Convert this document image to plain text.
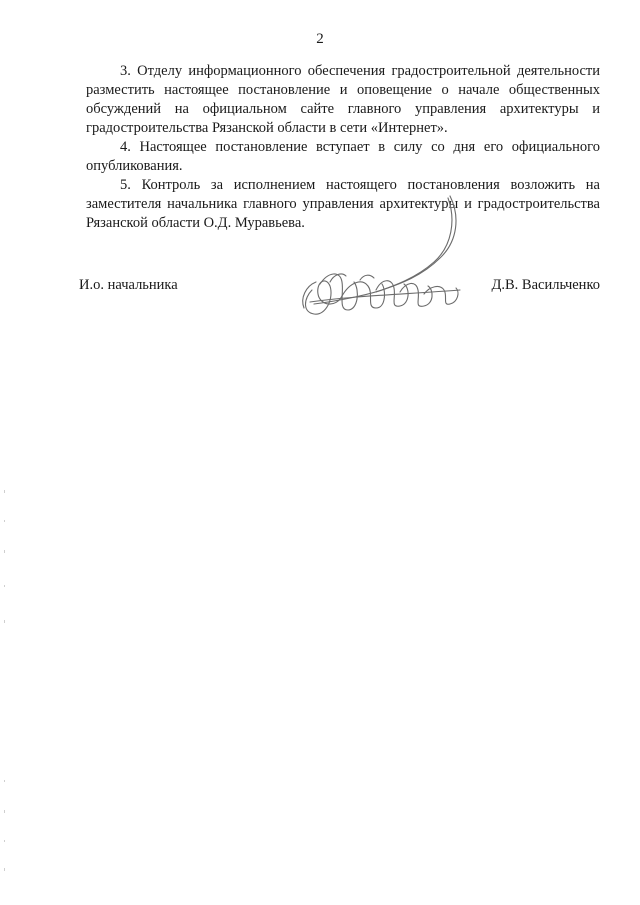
2

3. Отделу информационного обеспечения градостроительной деятельности разместить настоящее постановление и оповещение о начале общественных обсуждений на официальном сайте главного управления архитектуры и градостроительства Рязанской области в сети «Интернет».

4. Настоящее постановление вступает в силу со дня его официального опубликования.

5. Контроль за исполнением настоящего постановления возложить на заместителя начальника главного управления архитектуры и градостроительства Рязанской области О.Д. Муравьева.

И.о. начальника	Д.В. Васильченко
